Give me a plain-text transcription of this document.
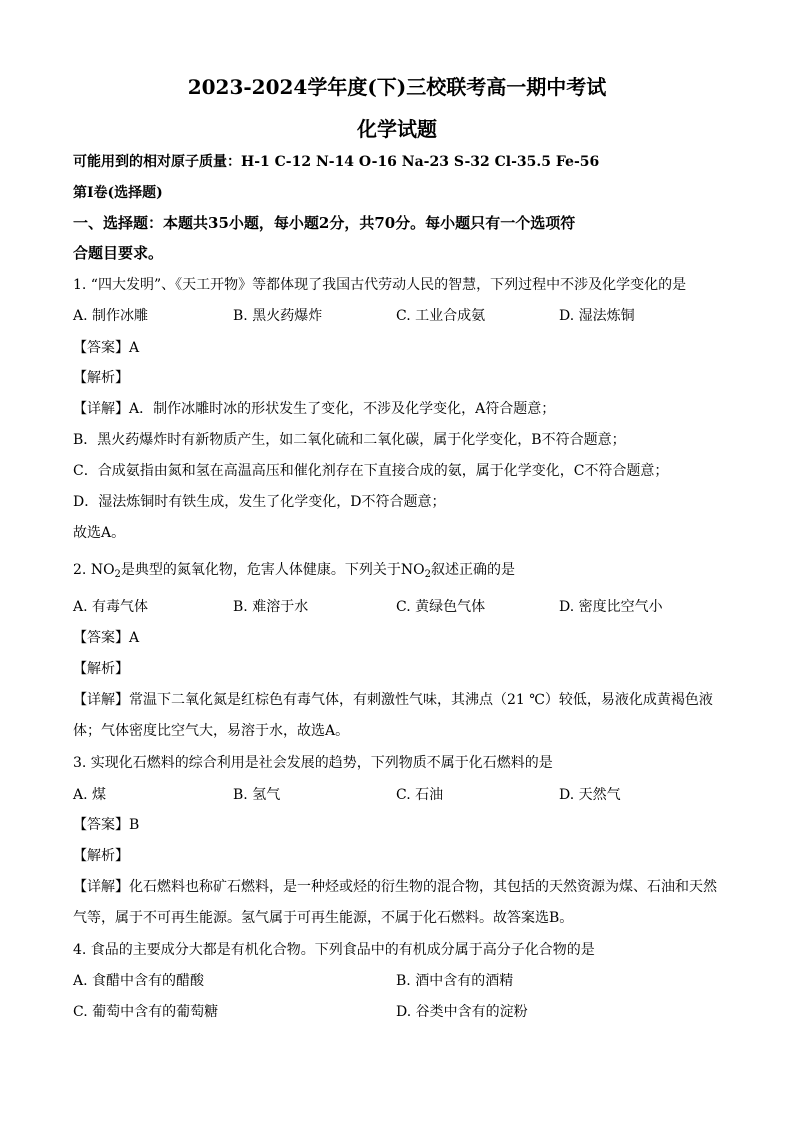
2023-2024学年度(下)三校联考高一期中考试
化学试题
可能用到的相对原子质量：H-1 C-12 N-14 O-16 Na-23 S-32 Cl-35.5 Fe-56
第I卷(选择题)
一、选择题：本题共35小题，每小题2分，共70分。每小题只有一个选项符
合题目要求。
1. “四大发明”、《天工开物》等都体现了我国古代劳动人民的智慧，下列过程中不涉及化学变化的是
A. 制作冰雕	B. 黑火药爆炸	C. 工业合成氨	D. 湿法炼铜
【答案】A
【解析】
【详解】A．制作冰雕时冰的形状发生了变化，不涉及化学变化，A符合题意；
B．黑火药爆炸时有新物质产生，如二氧化硫和二氧化碳，属于化学变化，B不符合题意；
C．合成氨指由氮和氢在高温高压和催化剂存在下直接合成的氨，属于化学变化，C不符合题意；
D．湿法炼铜时有铁生成，发生了化学变化，D不符合题意；
故选A。
2. $NO_2$是典型的氮氧化物，危害人体健康。下列关于$NO_2$叙述正确的是
A. 有毒气体	B. 难溶于水	C. 黄绿色气体	D. 密度比空气小
【答案】A
【解析】
【详解】常温下二氧化氮是红棕色有毒气体，有刺激性气味，其沸点（21 ℃）较低，易液化成黄褐色液
体；气体密度比空气大，易溶于水，故选A。
3. 实现化石燃料的综合利用是社会发展的趋势，下列物质不属于化石燃料的是
A. 煤	B. 氢气	C. 石油	D. 天然气
【答案】B
【解析】
【详解】化石燃料也称矿石燃料，是一种烃或烃的衍生物的混合物，其包括的天然资源为煤、石油和天然
气等，属于不可再生能源。氢气属于可再生能源，不属于化石燃料。故答案选B。
4. 食品的主要成分大都是有机化合物。下列食品中的有机成分属于高分子化合物的是
A. 食醋中含有的醋酸	B. 酒中含有的酒精
C. 葡萄中含有的葡萄糖	D. 谷类中含有的淀粉
